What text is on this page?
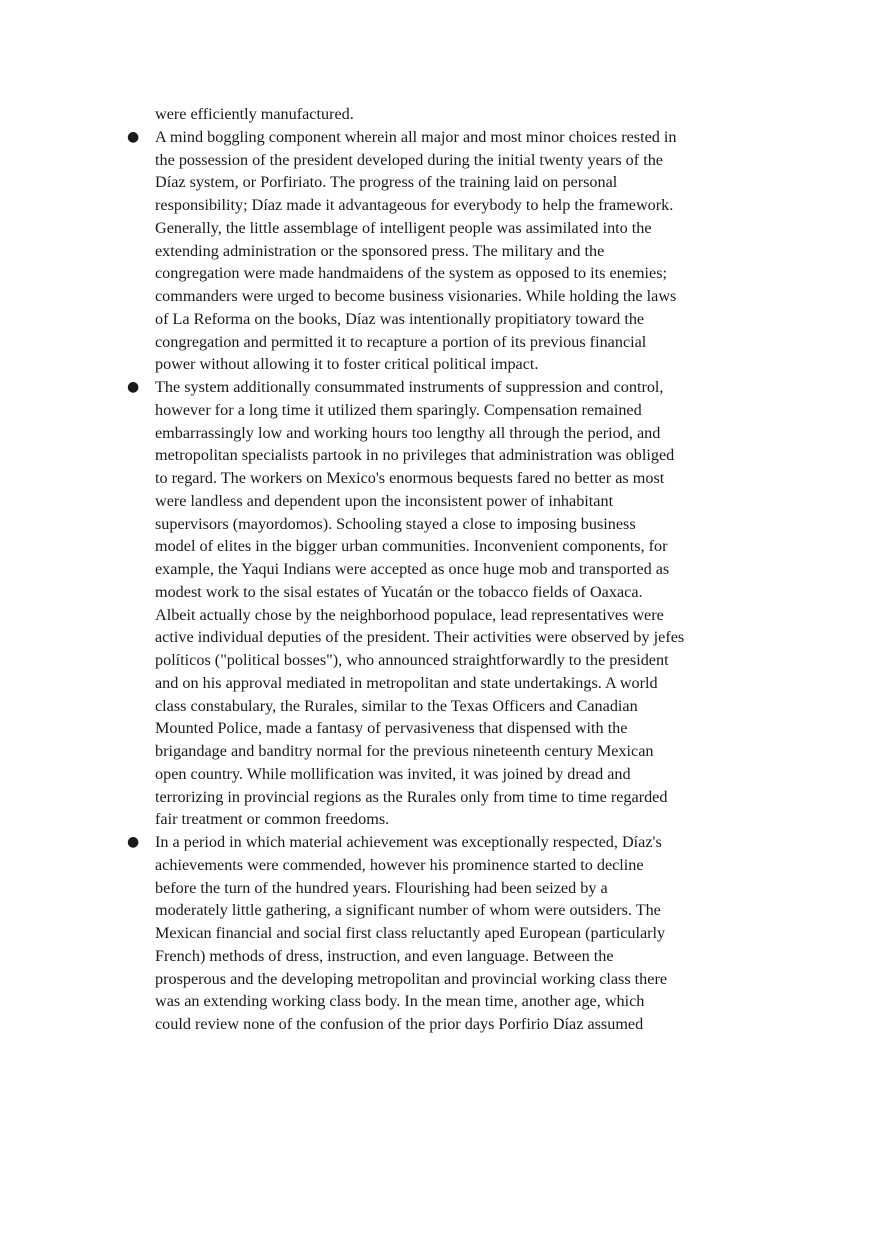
were efficiently manufactured.
● A mind boggling component wherein all major and most minor choices rested in
the possession of the president developed during the initial twenty years of the
Díaz system, or Porfiriato. The progress of the training laid on personal
responsibility; Díaz made it advantageous for everybody to help the framework.
Generally, the little assemblage of intelligent people was assimilated into the
extending administration or the sponsored press. The military and the
congregation were made handmaidens of the system as opposed to its enemies;
commanders were urged to become business visionaries. While holding the laws
of La Reforma on the books, Díaz was intentionally propitiatory toward the
congregation and permitted it to recapture a portion of its previous financial
power without allowing it to foster critical political impact.
● The system additionally consummated instruments of suppression and control,
however for a long time it utilized them sparingly. Compensation remained
embarrassingly low and working hours too lengthy all through the period, and
metropolitan specialists partook in no privileges that administration was obliged
to regard. The workers on Mexico's enormous bequests fared no better as most
were landless and dependent upon the inconsistent power of inhabitant
supervisors (mayordomos). Schooling stayed a close to imposing business
model of elites in the bigger urban communities. Inconvenient components, for
example, the Yaqui Indians were accepted as once huge mob and transported as
modest work to the sisal estates of Yucatán or the tobacco fields of Oaxaca.
Albeit actually chose by the neighborhood populace, lead representatives were
active individual deputies of the president. Their activities were observed by jefes
políticos ("political bosses"), who announced straightforwardly to the president
and on his approval mediated in metropolitan and state undertakings. A world
class constabulary, the Rurales, similar to the Texas Officers and Canadian
Mounted Police, made a fantasy of pervasiveness that dispensed with the
brigandage and banditry normal for the previous nineteenth century Mexican
open country. While mollification was invited, it was joined by dread and
terrorizing in provincial regions as the Rurales only from time to time regarded
fair treatment or common freedoms.
● In a period in which material achievement was exceptionally respected, Díaz's
achievements were commended, however his prominence started to decline
before the turn of the hundred years. Flourishing had been seized by a
moderately little gathering, a significant number of whom were outsiders. The
Mexican financial and social first class reluctantly aped European (particularly
French) methods of dress, instruction, and even language. Between the
prosperous and the developing metropolitan and provincial working class there
was an extending working class body. In the mean time, another age, which
could review none of the confusion of the prior days Porfirio Díaz assumed
